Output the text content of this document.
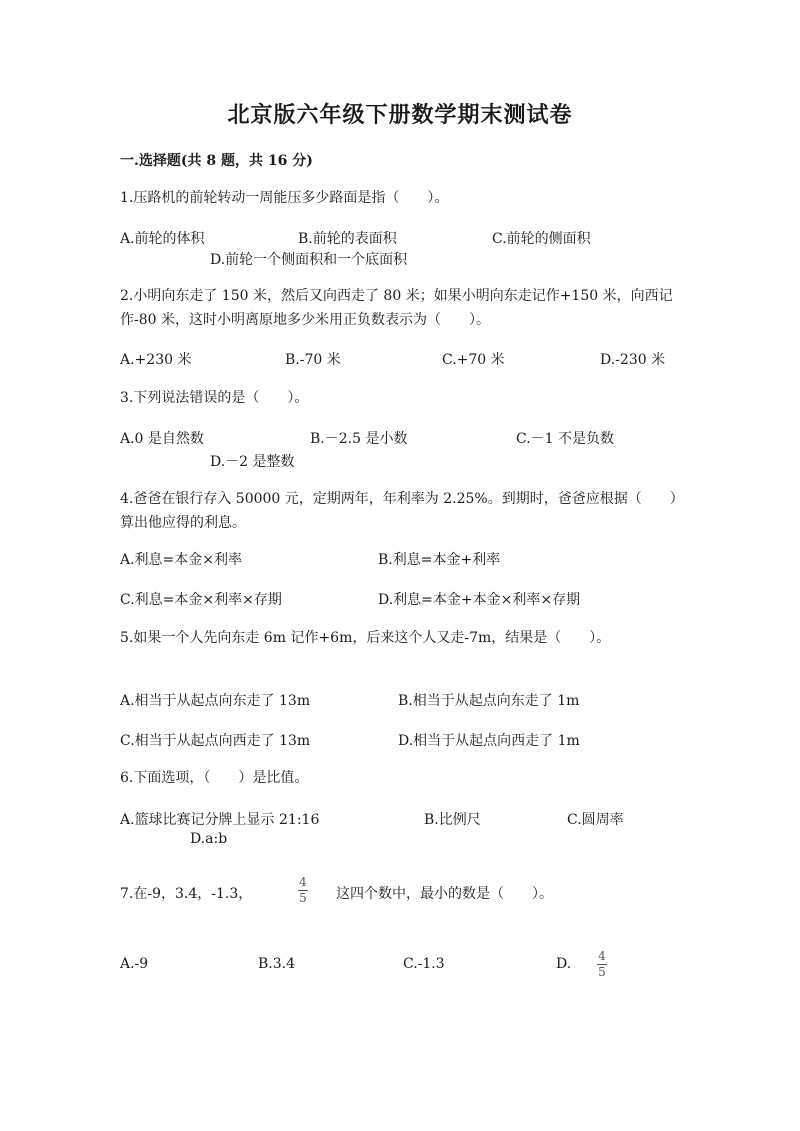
北京版六年级下册数学期末测试卷
一.选择题(共 8 题，共 16 分)
1.压路机的前轮转动一周能压多少路面是指（　　）。
A.前轮的体积	B.前轮的表面积	C.前轮的侧面积
D.前轮一个侧面积和一个底面积
2.小明向东走了 150 米，然后又向西走了 80 米；如果小明向东走记作+150 米，向西记作-80 米，这时小明离原地多少米用正负数表示为（　　）。
A.+230 米	B.-70 米	C.+70 米	D.-230 米
3.下列说法错误的是（　　）。
A.0 是自然数	B.－2.5 是小数	C.－1 不是负数
D.－2 是整数
4.爸爸在银行存入 50000 元，定期两年，年利率为 2.25%。到期时，爸爸应根据（　　）算出他应得的利息。
A.利息=本金×利率	B.利息=本金+利率
C.利息=本金×利率×存期	D.利息=本金+本金×利率×存期
5.如果一个人先向东走 6m 记作+6m，后来这个人又走-7m，结果是（　　）。
A.相当于从起点向东走了 13m	B.相当于从起点向东走了 1m
C.相当于从起点向西走了 13m	D.相当于从起点向西走了 1m
6.下面选项，（　　）是比值。
A.篮球比赛记分牌上显示 21:16	B.比例尺	C.圆周率
D.a:b
7.在-9，3.4，-1.3，
4
5 这四个数中，最小的数是（　　）。
A.-9	B.3.4	C.-1.3	D. 4
5
